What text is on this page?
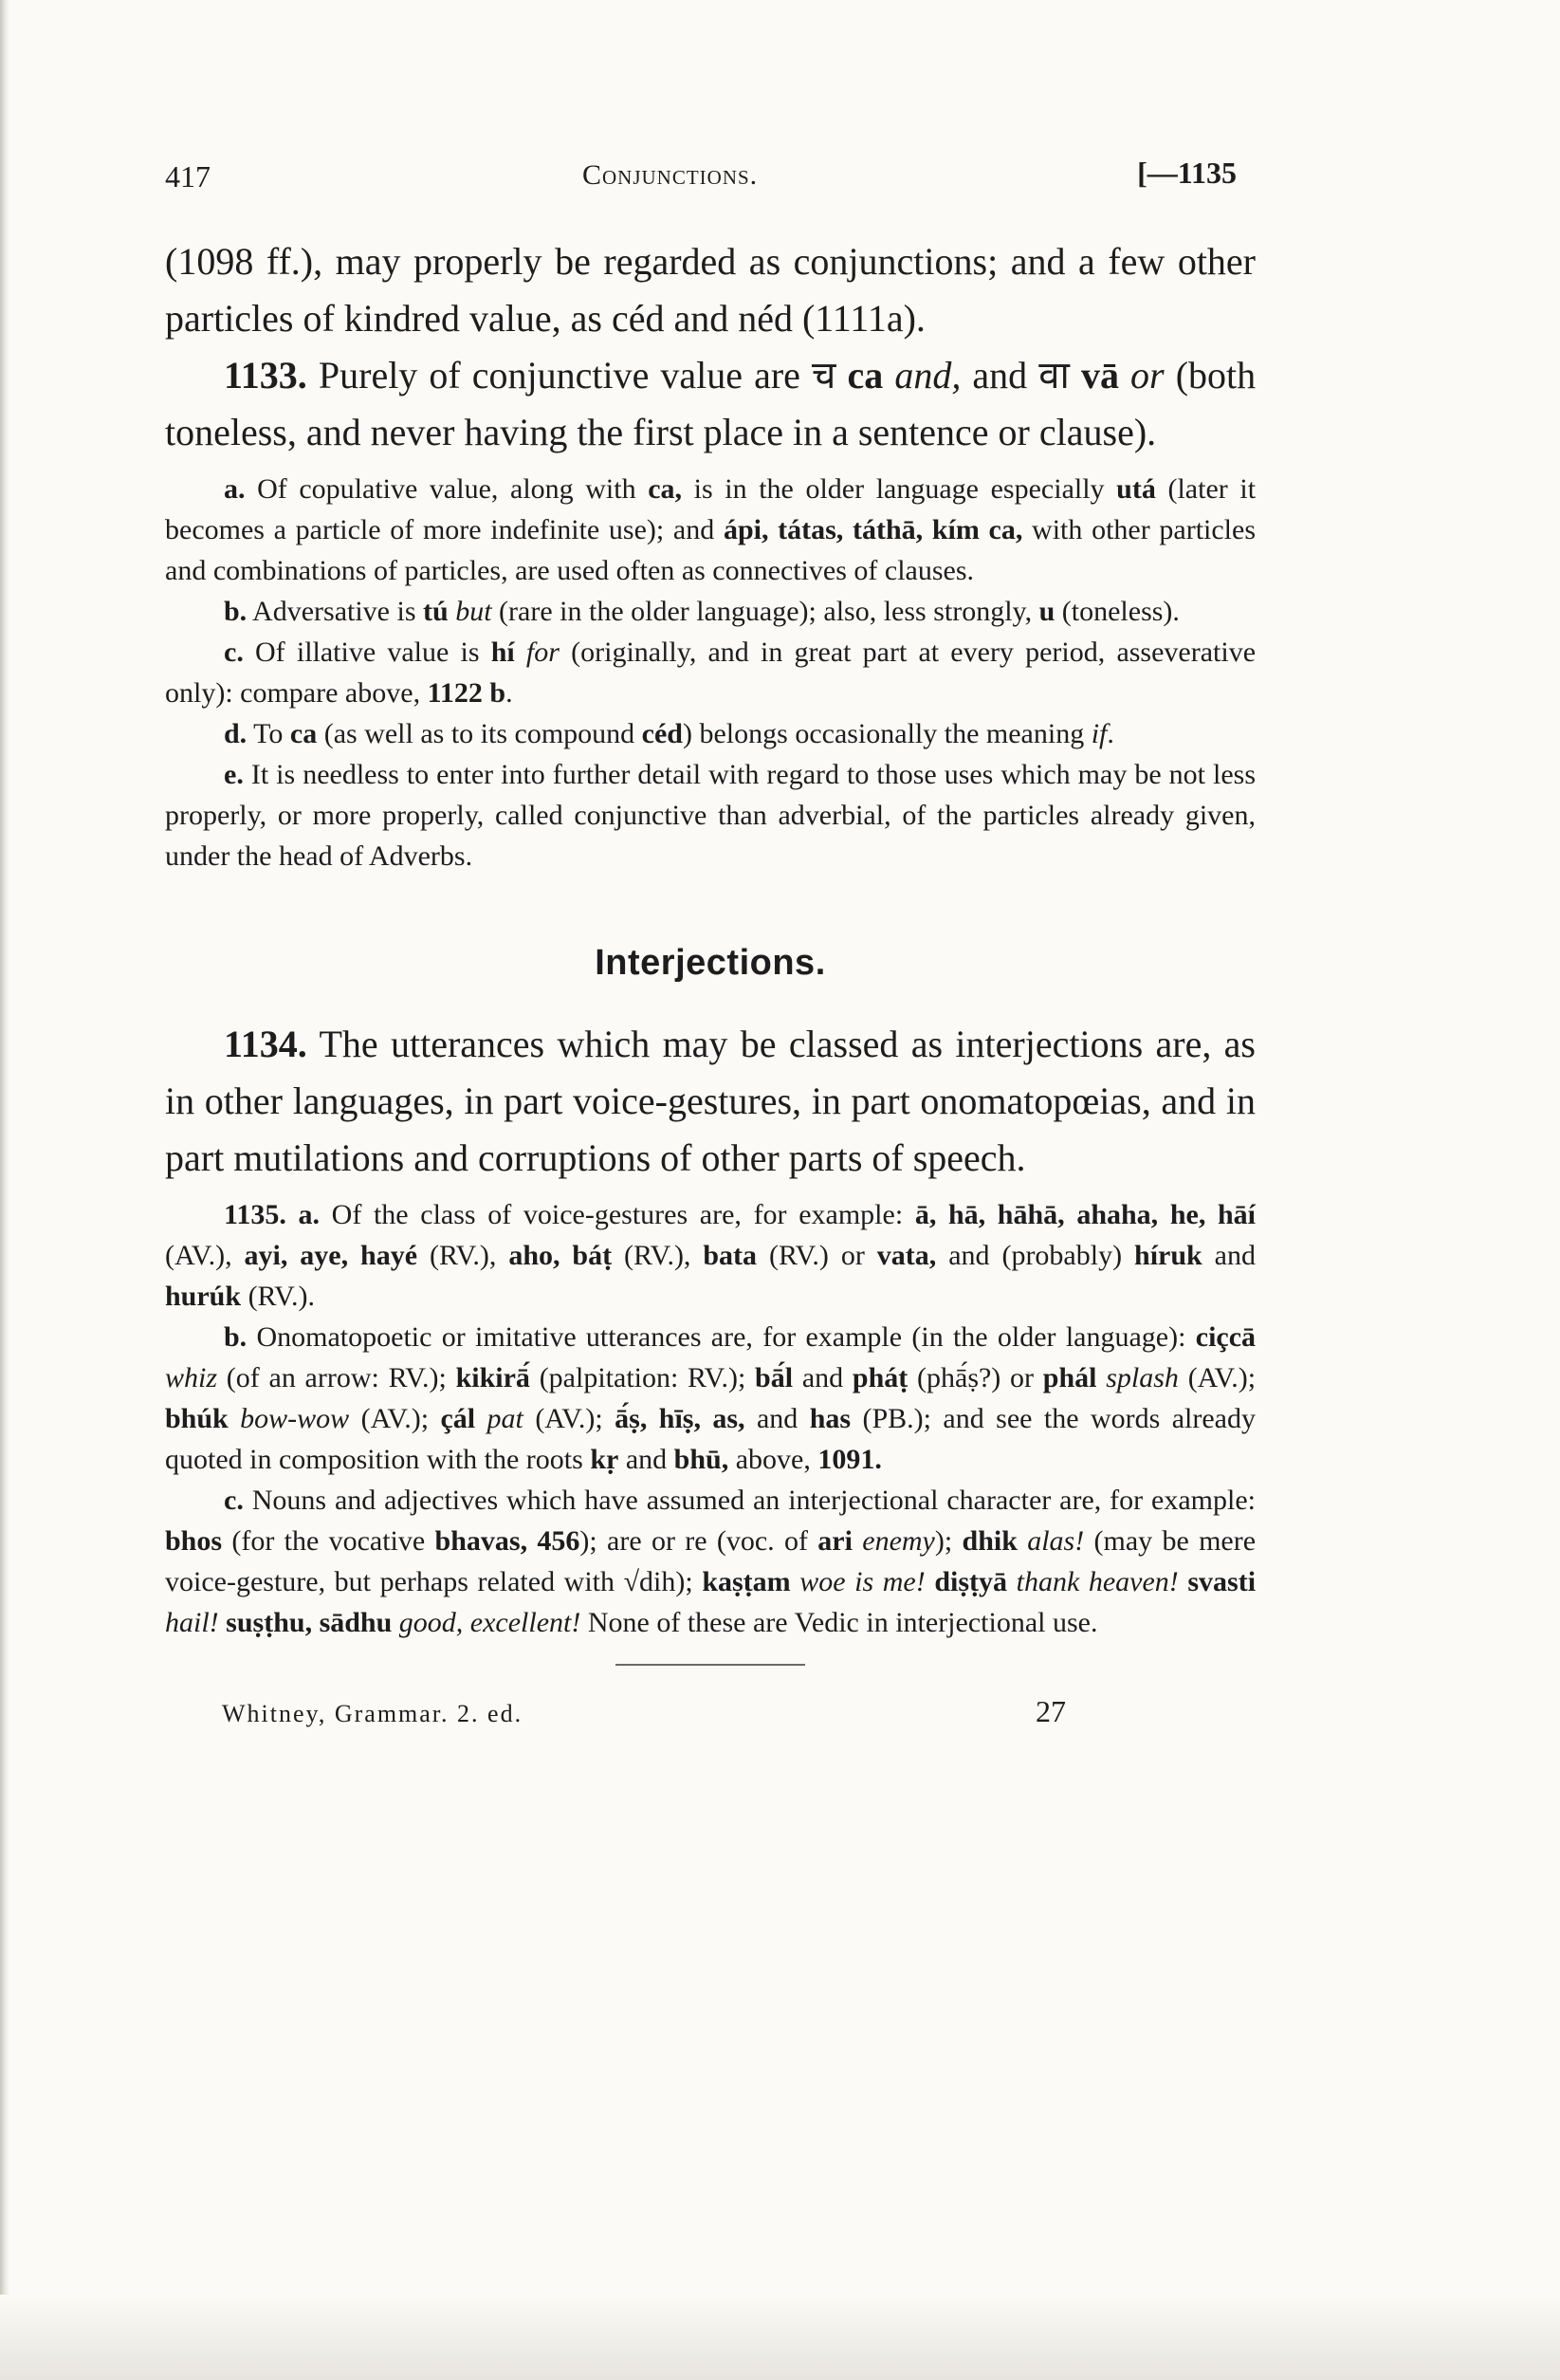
417	Conjunctions.	[—1135

(1098 ff.), may properly be regarded as conjunctions; and a few other particles of kindred value, as céd and néd (1111a).

1133. Purely of conjunctive value are च ca and, and वा vā or (both toneless, and never having the first place in a sentence or clause).

a. Of copulative value, along with ca, is in the older language especially utá (later it becomes a particle of more indefinite use); and ápi, tátas, táthā, kím ca, with other particles and combinations of particles, are used often as connectives of clauses.

b. Adversative is tú but (rare in the older language); also, less strongly, u (toneless).

c. Of illative value is hí for (originally, and in great part at every period, asseverative only): compare above, 1122 b.

d. To ca (as well as to its compound céd) belongs occasionally the meaning if.

e. It is needless to enter into further detail with regard to those uses which may be not less properly, or more properly, called conjunctive than adverbial, of the particles already given, under the head of Adverbs.

Interjections.

1134. The utterances which may be classed as interjections are, as in other languages, in part voice-gestures, in part onomatopœias, and in part mutilations and corruptions of other parts of speech.

1135. a. Of the class of voice-gestures are, for example: ā, hā, hāhā, ahaha, he, hāí (AV.), ayi, aye, hayé (RV.), aho, báṭ (RV.), bata (RV.) or vata, and (probably) híruk and hurúk (RV.).

b. Onomatopoetic or imitative utterances are, for example (in the older language): ciçcā whiz (of an arrow: RV.); kikirā́ (palpitation: RV.); bā́l and pháṭ (phā́ṣ?) or phál splash (AV.); bhúk bow-wow (AV.); çál pat (AV.); ā́ṣ, hīṣ, as, and has (PB.); and see the words already quoted in composition with the roots kṛ and bhū, above, 1091.

c. Nouns and adjectives which have assumed an interjectional character are, for example: bhos (for the vocative bhavas, 456); are or re (voc. of ari enemy); dhik alas! (may be mere voice-gesture, but perhaps related with √dih); kaṣṭam woe is me! diṣṭyā thank heaven! svasti hail! suṣṭhu, sādhu good, excellent! None of these are Vedic in interjectional use.

Whitney, Grammar. 2. ed.	27
